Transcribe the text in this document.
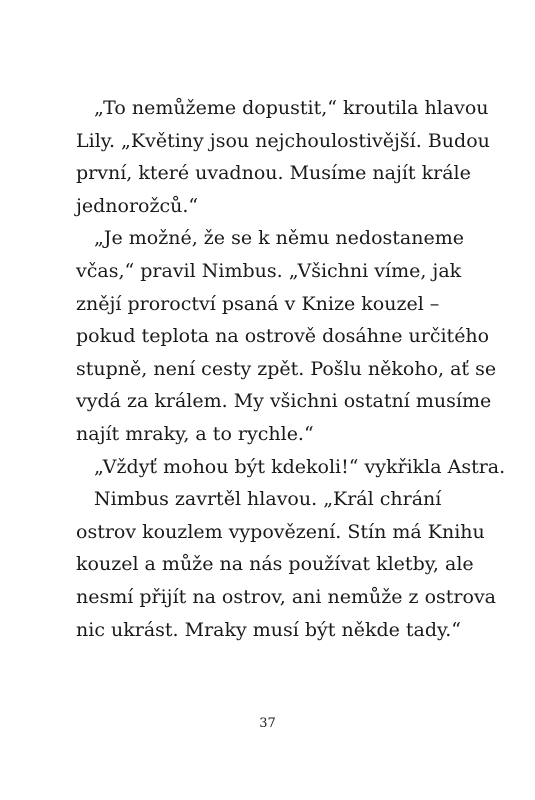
„To nemůžeme dopustit,“ kroutila hlavou
Lily. „Květiny jsou nejchoulostivější. Budou
první, které uvadnou. Musíme najít krále
jednorožců.“
„Je možné, že se k němu nedostaneme
včas,“ pravil Nimbus. „Všichni víme, jak
znějí proroctví psaná v Knize kouzel –
pokud teplota na ostrově dosáhne určitého
stupně, není cesty zpět. Pošlu někoho, ať se
vydá za králem. My všichni ostatní musíme
najít mraky, a to rychle.“
„Vždyť mohou být kdekoli!“ vykřikla Astra.
Nimbus zavrtěl hlavou. „Král chrání
ostrov kouzlem vypovězení. Stín má Knihu
kouzel a může na nás používat kletby, ale
nesmí přijít na ostrov, ani nemůže z ostrova
nic ukrást. Mraky musí být někde tady.“
37
